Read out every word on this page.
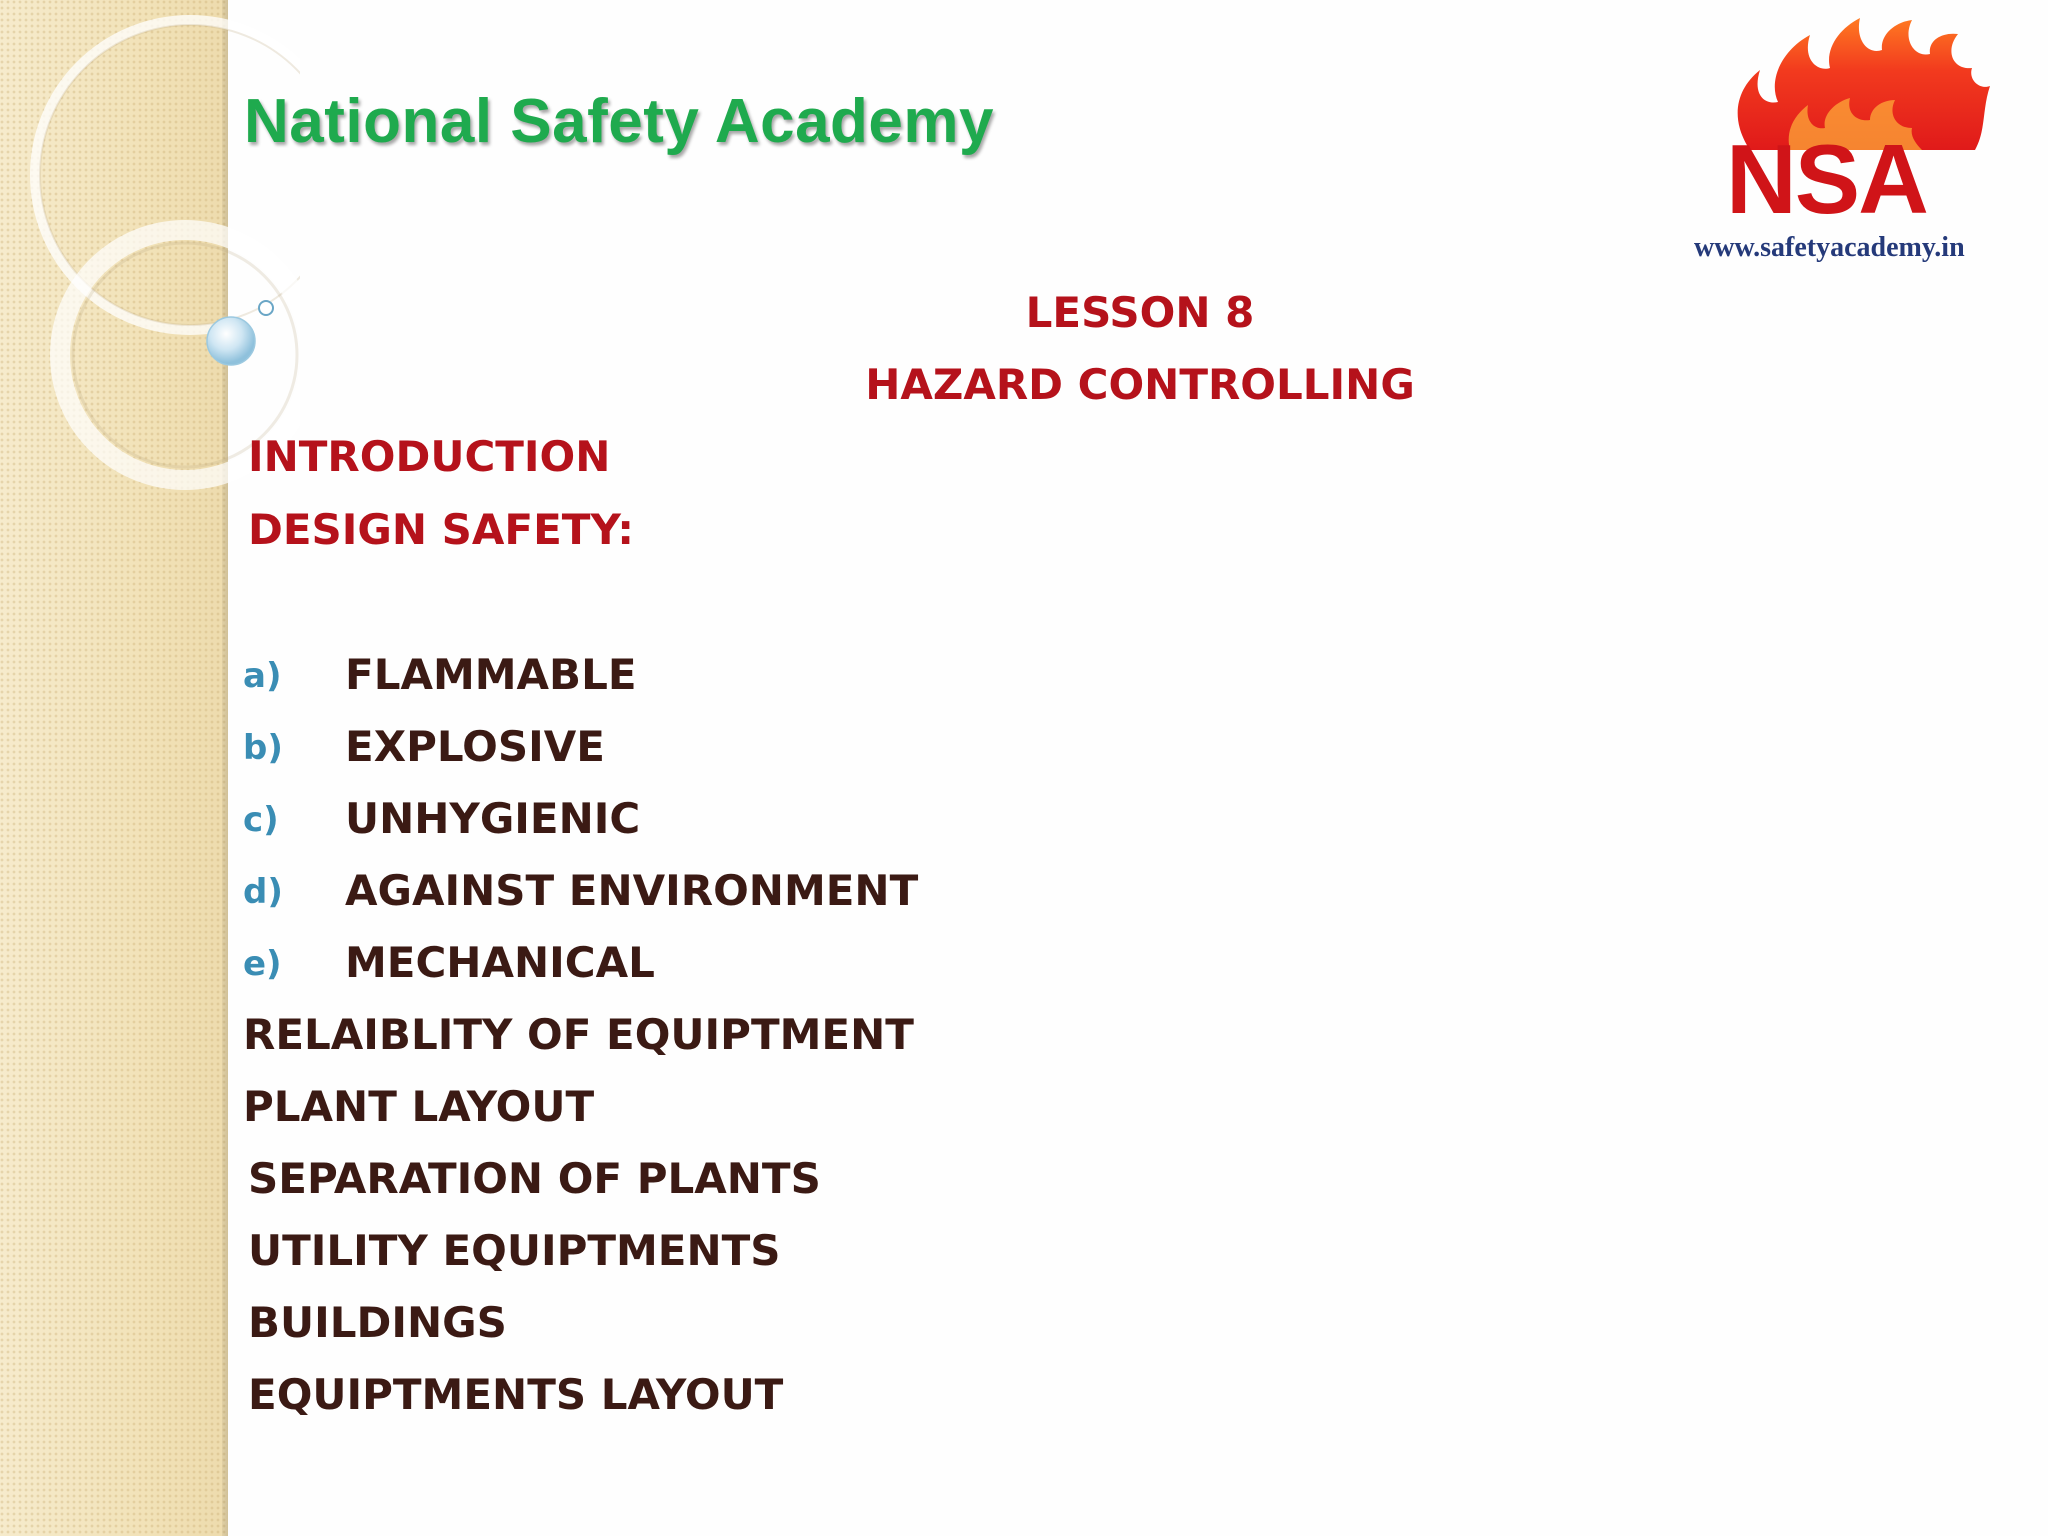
National Safety Academy
NSA
www.safetyacademy.in
LESSON 8
HAZARD CONTROLLING
INTRODUCTION
DESIGN SAFETY:
a) FLAMMABLE
b) EXPLOSIVE
c) UNHYGIENIC
d) AGAINST ENVIRONMENT
e) MECHANICAL
RELAIBLITY OF EQUIPTMENT
PLANT LAYOUT
SEPARATION OF PLANTS
UTILITY EQUIPTMENTS
BUILDINGS
EQUIPTMENTS LAYOUT
